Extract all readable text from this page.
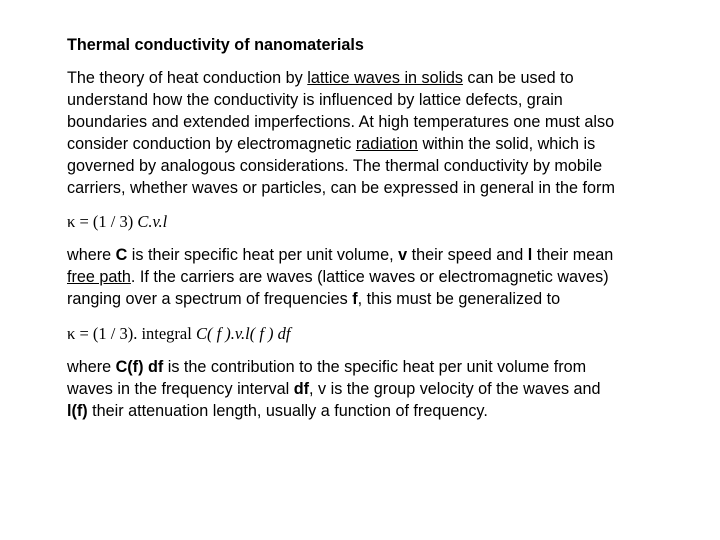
Thermal conductivity of nanomaterials
The theory of heat conduction by lattice waves in solids can be used to
understand how the conductivity is influenced by lattice defects, grain
boundaries and extended imperfections. At high temperatures one must also
consider conduction by electromagnetic radiation within the solid, which is
governed by analogous considerations. The thermal conductivity by mobile
carriers, whether waves or particles, can be expressed in general in the form
κ = (1 / 3) C.v.l
where C is their specific heat per unit volume, v their speed and l their mean
free path. If the carriers are waves (lattice waves or electromagnetic waves)
ranging over a spectrum of frequencies f, this must be generalized to
κ = (1 / 3). integral C( f ).v.l( f ) df
where C(f) df is the contribution to the specific heat per unit volume from
waves in the frequency interval df, v is the group velocity of the waves and
l(f) their attenuation length, usually a function of frequency.
